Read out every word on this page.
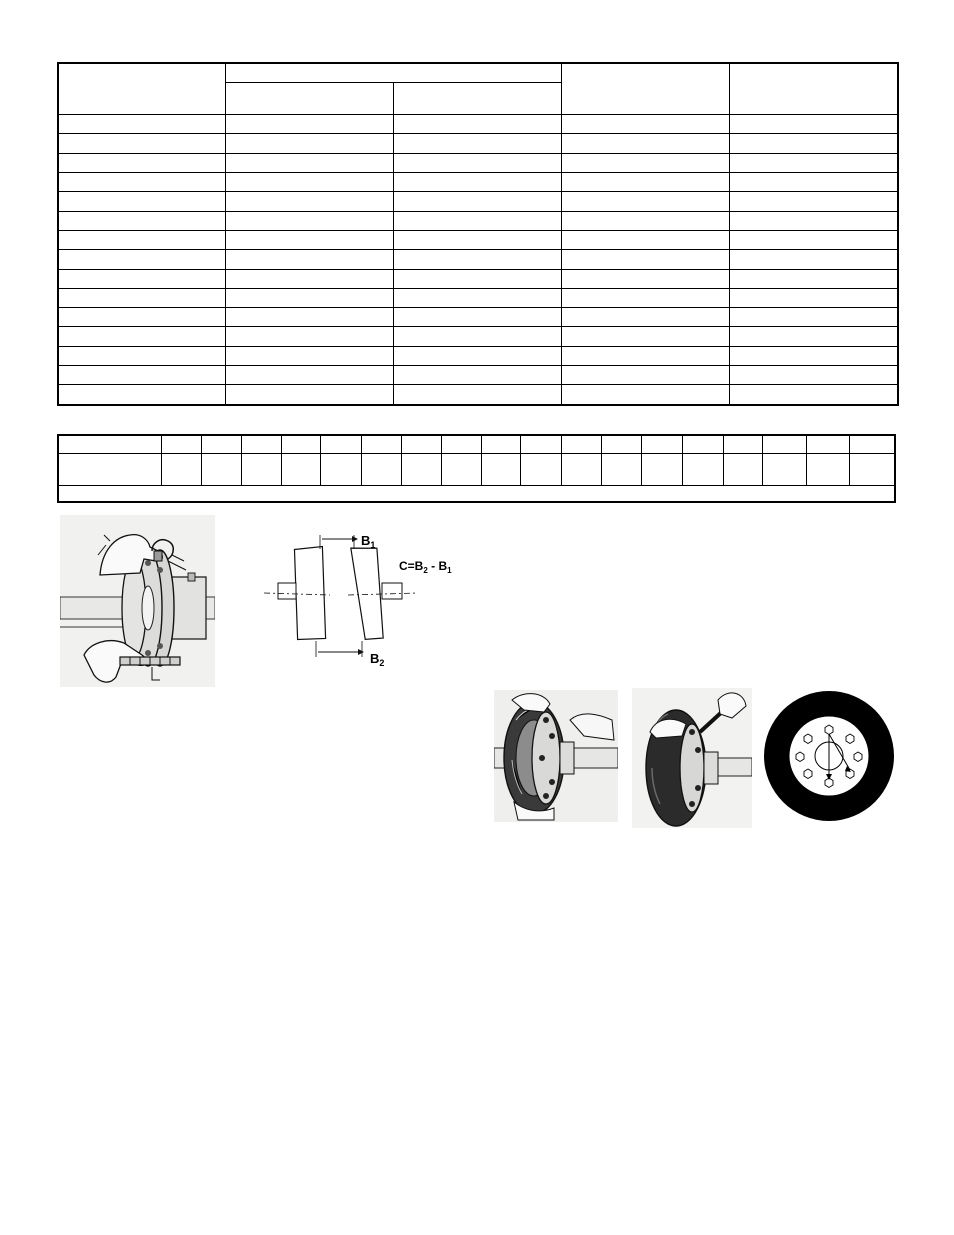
$B_1$
$B_2$
$C=B_2 - B_1$
